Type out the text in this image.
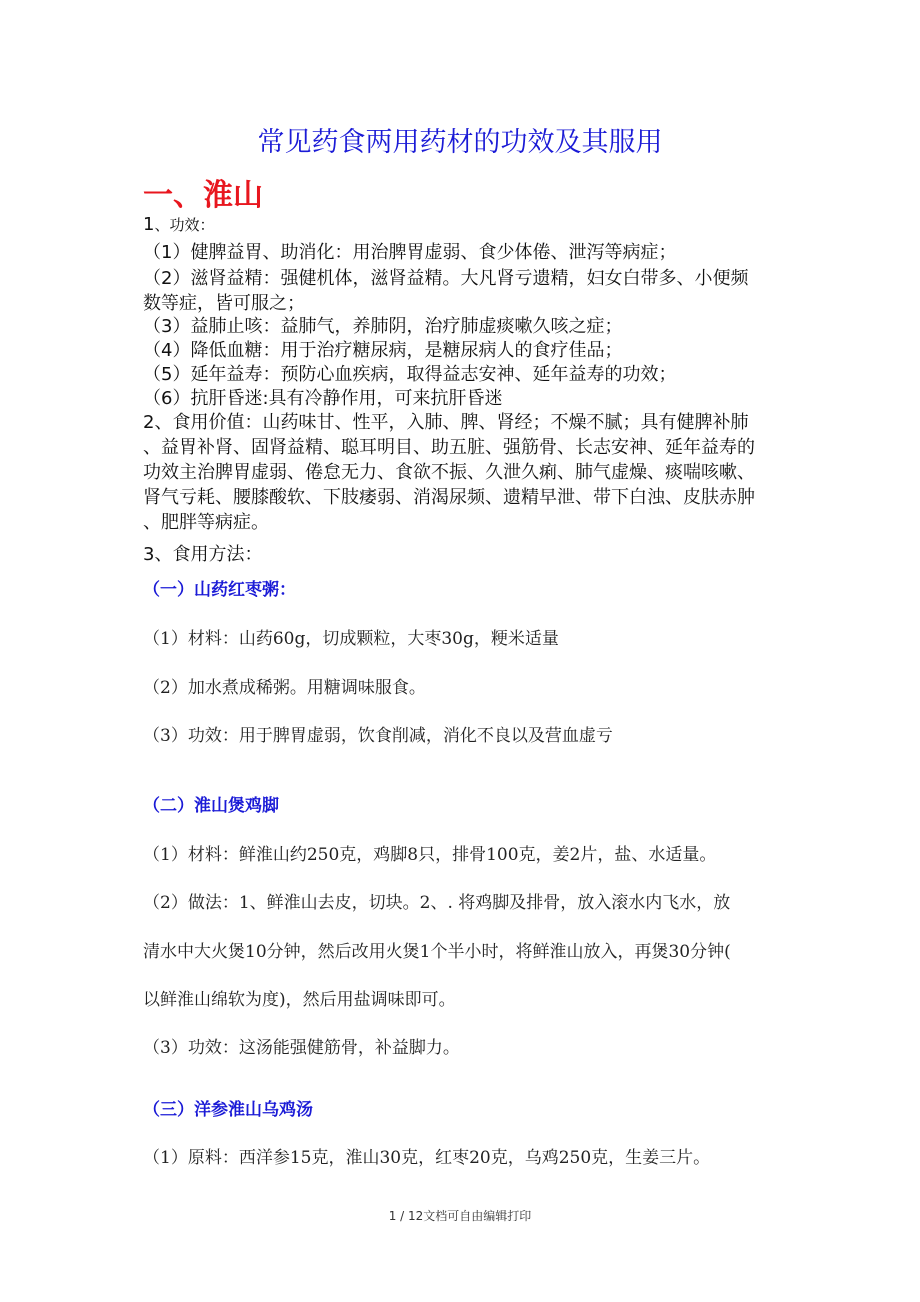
常见药食两用药材的功效及其服用
一、淮山
1、功效：
（1）健脾益胃、助消化：用治脾胃虚弱、食少体倦、泄泻等病症；
（2）滋肾益精：强健机体，滋肾益精。大凡肾亏遗精，妇女白带多、小便频
数等症，皆可服之；
（3）益肺止咳：益肺气，养肺阴，治疗肺虚痰嗽久咳之症；
（4）降低血糖：用于治疗糖尿病，是糖尿病人的食疗佳品；
（5）延年益寿：预防心血疾病，取得益志安神、延年益寿的功效；
（6）抗肝昏迷:具有冷静作用，可来抗肝昏迷
2、食用价值：山药味甘、性平，入肺、脾、肾经；不燥不腻；具有健脾补肺
、益胃补肾、固肾益精、聪耳明目、助五脏、强筋骨、长志安神、延年益寿的
功效主治脾胃虚弱、倦怠无力、食欲不振、久泄久痢、肺气虚燥、痰喘咳嗽、
肾气亏耗、腰膝酸软、下肢痿弱、消渴尿频、遗精早泄、带下白浊、皮肤赤肿
、肥胖等病症。
3、食用方法：
（一）山药红枣粥：
（1）材料：山药60g，切成颗粒，大枣30g，粳米适量
（2）加水煮成稀粥。用糖调味服食。
（3）功效：用于脾胃虚弱，饮食削减，消化不良以及营血虚亏
（二）淮山煲鸡脚
（1）材料：鲜淮山约250克，鸡脚8只，排骨100克，姜2片，盐、水适量。
（2）做法：1、鲜淮山去皮，切块。2、. 将鸡脚及排骨，放入滚水内飞水，放
清水中大火煲10分钟，然后改用火煲1个半小时，将鲜淮山放入，再煲30分钟(
以鲜淮山绵软为度)，然后用盐调味即可。
（3）功效：这汤能强健筋骨，补益脚力。
（三）洋参淮山乌鸡汤
（1）原料：西洋参15克，淮山30克，红枣20克，乌鸡250克，生姜三片。
1 / 12文档可自由编辑打印
